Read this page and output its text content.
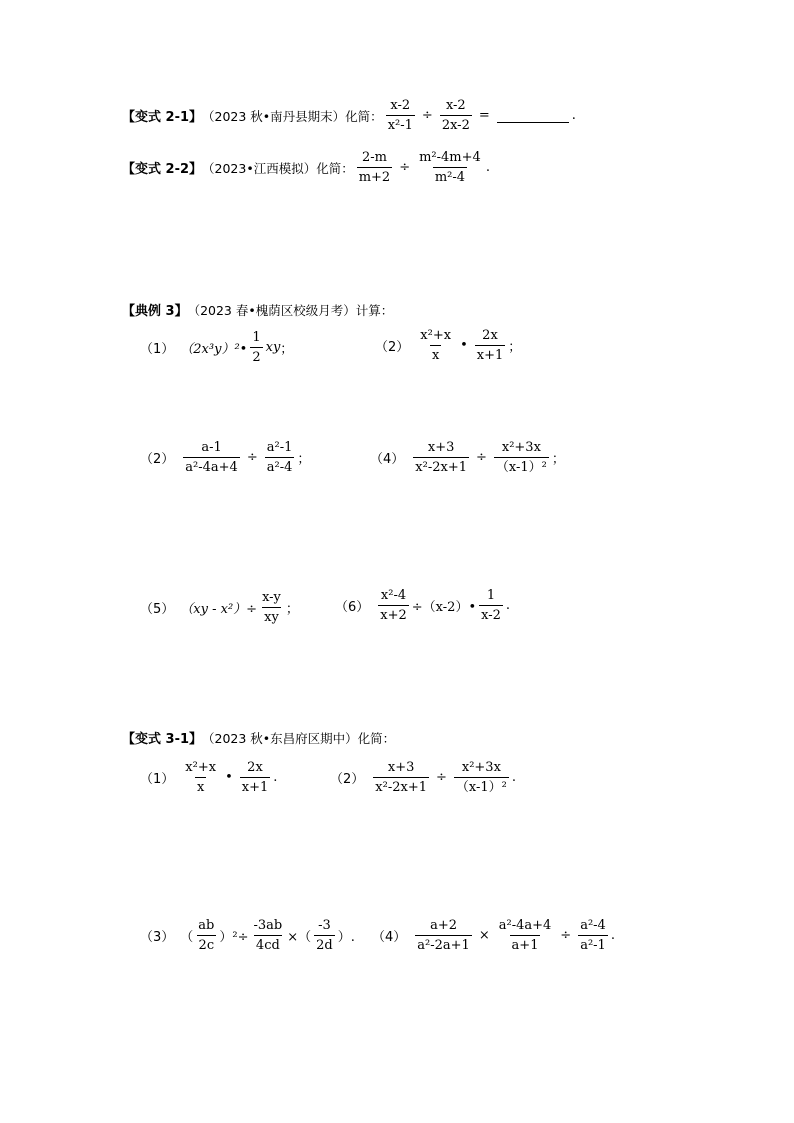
【变式 2-1】 （2023 秋•南丹县期末）化简： $\frac{x-2}{\text{x²-1}} \div \frac{x-2}{2x-2}$ =	.
【变式 2-2】 （2023•江西模拟）化简： $\frac{2-m}{m+2} \div \frac{\text{m²-4m+4}}{\text{m²-4}}$ .
【典例 3】 （2023 春•槐荫区校级月考）计算：
（1） （2x³y）²• $\frac{1}{2}$ xy ；	$(2) \frac{\text{x²+x}}{x}$ • $\frac{2x}{x+1}$ ；
$(2) \frac{a-1}{\text{a²-4a+4}} \div \frac{\text{a²-1}}{\text{a²-4}}$ ；	$(4) \frac{x+3}{\text{x²-2x+1}} \div \frac{\text{x²+3x}}{\text{（x-1）²}}$ ；
（5） $(xy - x^2)\div \frac{x-y}{xy}$ ；	$(6) \frac{\text{x²-4}}{x+2}$ ÷（x-2）• $\frac{1}{x-2}$ .
【变式 3-1】 （2023 秋•东昌府区期中）化简：
$(1) \frac{\text{x²+x}}{x}$ • $\frac{2x}{x+1}$ .	$(2) \frac{x+3}{\text{x²-2x+1}} \div \frac{\text{x²+3x}}{\text{（x-1）²}}$ .
（3） （ $\frac{ab}{2c} )^2\div \frac{-3ab}{4cd}$ ×（ $\frac{-3}{2d}$ ）. $(4) \frac{a+2}{\text{a²-2a+1}} \times \frac{\text{a²-4a+4}}{a+1} \div \frac{\text{a²-4}}{\text{a²-1}}$ .
